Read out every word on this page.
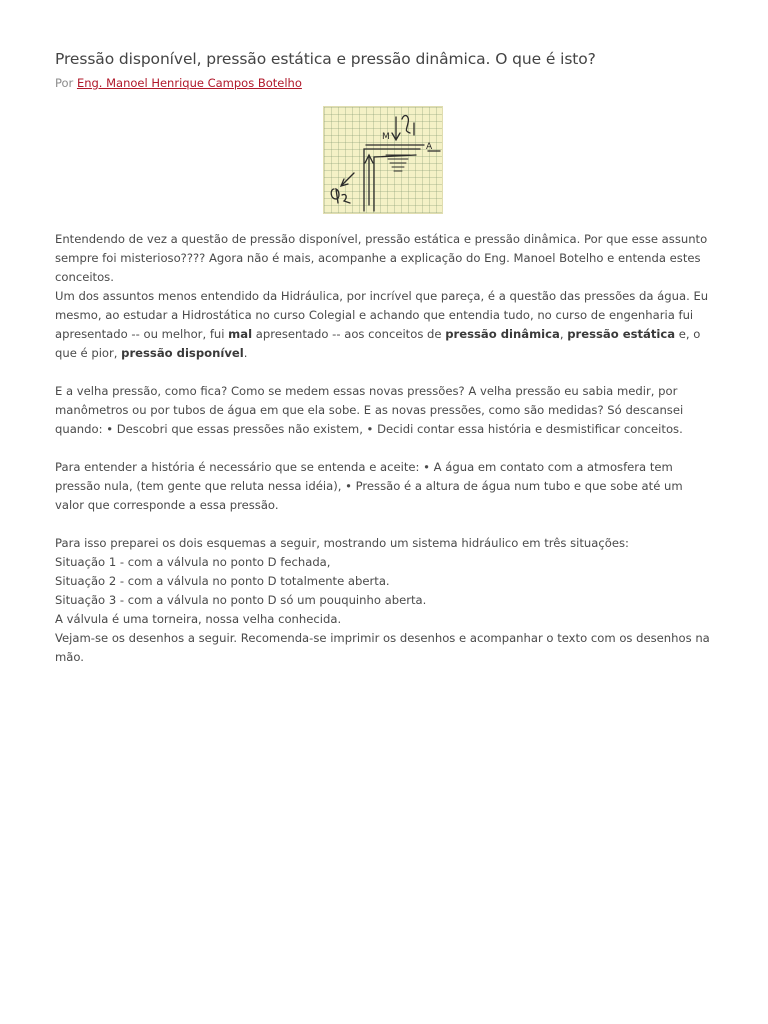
Pressão disponível, pressão estática e pressão dinâmica. O que é isto?
Por Eng. Manoel Henrique Campos Botelho
M
A

Entendendo de vez a questão de pressão disponível, pressão estática e pressão dinâmica. Por que esse assunto sempre foi misterioso???? Agora não é mais, acompanhe a explicação do Eng. Manoel Botelho e entenda estes conceitos.

Um dos assuntos menos entendido da Hidráulica, por incrível que pareça, é a questão das pressões da água. Eu mesmo, ao estudar a Hidrostática no curso Colegial e achando que entendia tudo, no curso de engenharia fui apresentado -- ou melhor, fui mal apresentado -- aos conceitos de pressão dinâmica, pressão estática e, o que é pior, pressão disponível.

E a velha pressão, como fica? Como se medem essas novas pressões? A velha pressão eu sabia medir, por manômetros ou por tubos de água em que ela sobe. E as novas pressões, como são medidas? Só descansei quando: • Descobri que essas pressões não existem, • Decidi contar essa história e desmistificar conceitos.

Para entender a história é necessário que se entenda e aceite: • A água em contato com a atmosfera tem pressão nula, (tem gente que reluta nessa idéia), • Pressão é a altura de água num tubo e que sobe até um valor que corresponde a essa pressão.

Para isso preparei os dois esquemas a seguir, mostrando um sistema hidráulico em três situações:

Situação 1 - com a válvula no ponto D fechada,

Situação 2 - com a válvula no ponto D totalmente aberta.

Situação 3 - com a válvula no ponto D só um pouquinho aberta.

A válvula é uma torneira, nossa velha conhecida.

Vejam-se os desenhos a seguir. Recomenda-se imprimir os desenhos e acompanhar o texto com os desenhos na mão.
